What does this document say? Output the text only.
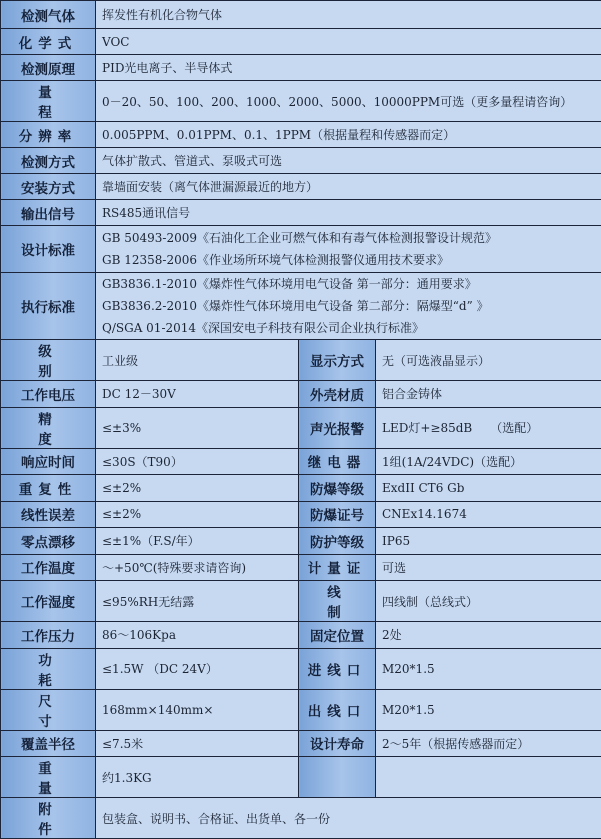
检测气体	挥发性有机化合物气体		
化学式	VOC		
检测原理	PID光电离子、半导体式		
量程	0－20、50、100、200、1000、2000、5000、10000PPM可选（更多量程请咨询）		
分辨率	0.005PPM、0.01PPM、0.1、1PPM（根据量程和传感器而定）		
检测方式	气体扩散式、管道式、泵吸式可选		
安装方式	靠墙面安装（离气体泄漏源最近的地方）		
输出信号	RS485通讯信号		
设计标准	GB 50493-2009《石油化工企业可燃气体和有毒气体检测报警设计规范》
GB 12358-2006《作业场所环境气体检测报警仪通用技术要求》		

执行标准	GB3836.1-2010《爆炸性气体环境用电气设备 第一部分：通用要求》
GB3836.2-2010《爆炸性气体环境用电气设备 第二部分：隔爆型“d” 》
Q/SGA 01-2014《深国安电子科技有限公司企业执行标准》		

级别	工业级	显示方式	无（可选液晶显示）
工作电压	DC 12－30V	外壳材质	铝合金铸体
精度	≤±3%	声光报警	LED灯+≥85dB　　（选配）
响应时间	≤30S（T90）	继电器	1组(1A/24VDC)（选配）
重复性	≤±2%	防爆等级	ExdII CT6 Gb
线性误差	≤±2%	防爆证号	CNEx14.1674
零点漂移	≤±1%（F.S/年）	防护等级	IP65
工作温度	～+50℃(特殊要求请咨询)	计量证	可选
工作湿度	≤95%RH无结露	线制	四线制（总线式）
工作压力	86～106Kpa	固定位置	2处
功耗	≤1.5W （DC 24V）	进线口	M20*1.5
尺寸	168mm×140mm×	出线口	M20*1.5
覆盖半径	≤7.5米	设计寿命	2～5年（根据传感器而定）
重量	约1.3KG		
附件	包装盒、说明书、合格证、出货单、各一份		
